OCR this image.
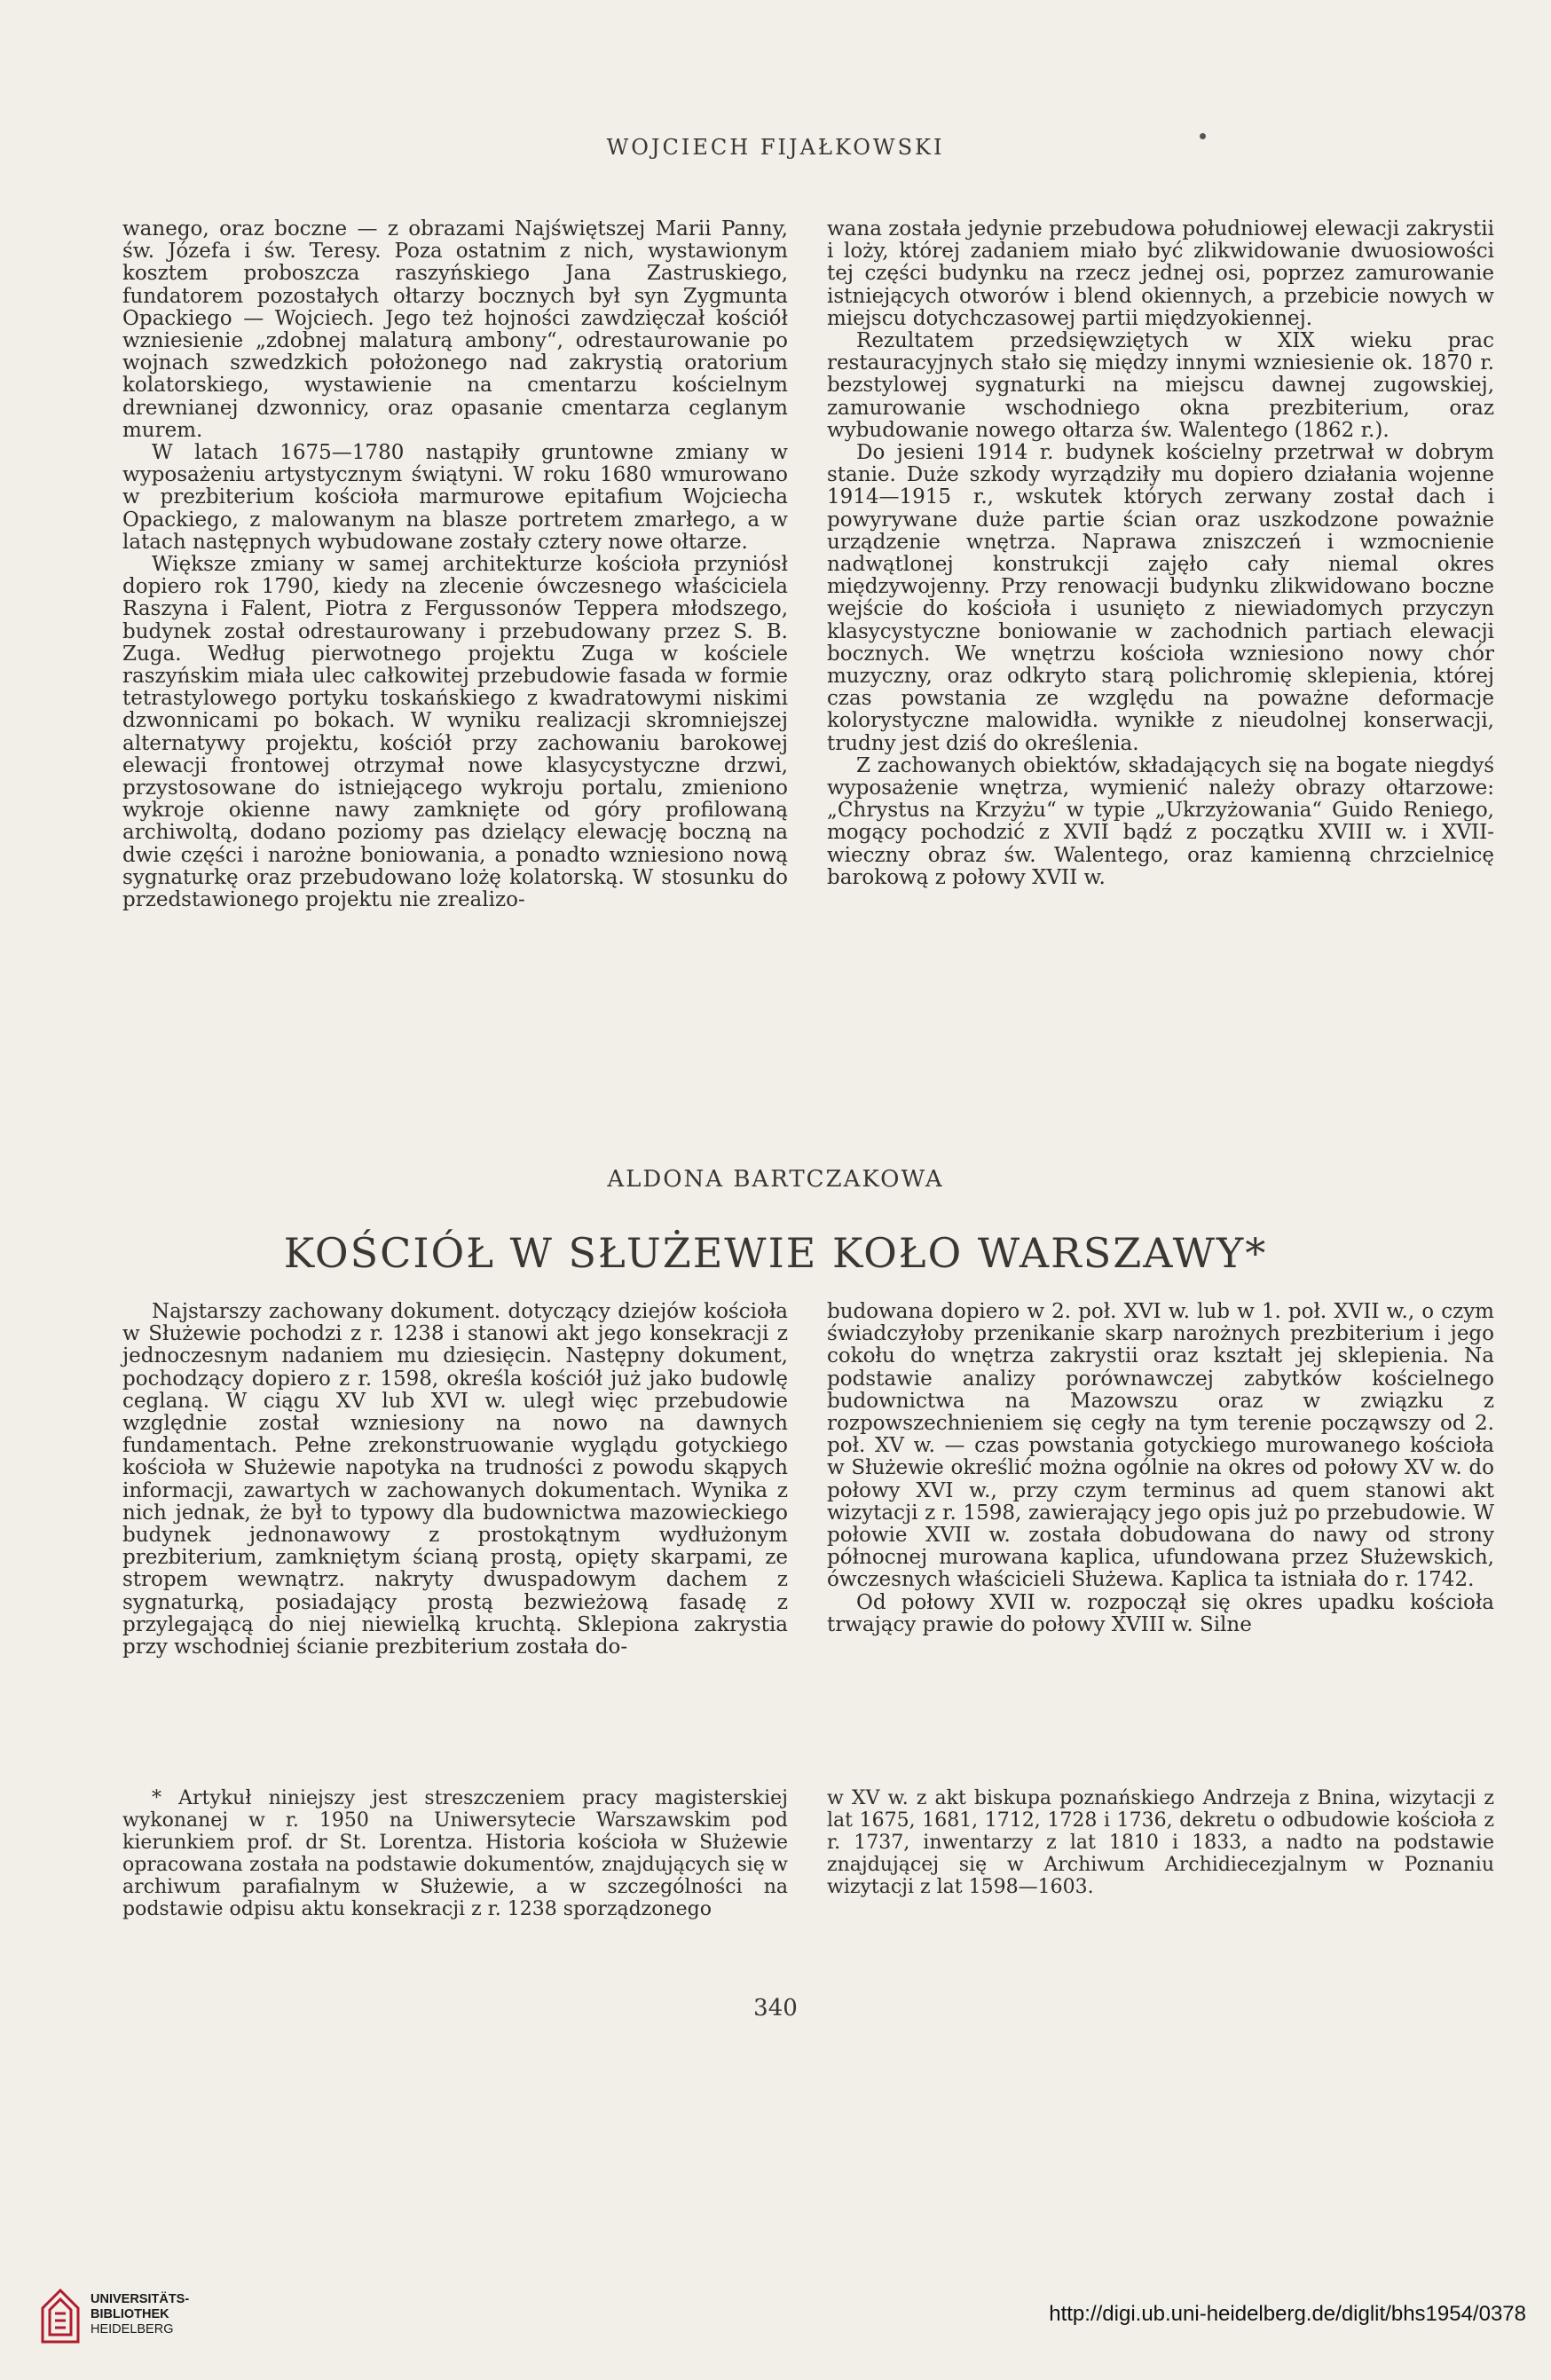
WOJCIECH FIJAŁKOWSKI

wanego, oraz boczne — z obrazami Najświętszej Marii Panny, św. Józefa i św. Teresy. Poza ostatnim z nich, wystawionym kosztem proboszcza raszyńskiego Jana Zastruskiego, fundatorem pozostałych ołtarzy bocznych był syn Zygmunta Opackiego — Wojciech. Jego też hojności zawdzięczał kościół wzniesienie „zdobnej malaturą ambony“, odrestaurowanie po wojnach szwedzkich położonego nad zakrystią oratorium kolatorskiego, wystawienie na cmentarzu kościelnym drewnianej dzwonnicy, oraz opasanie cmentarza ceglanym murem.

W latach 1675—1780 nastąpiły gruntowne zmiany w wyposażeniu artystycznym świątyni. W roku 1680 wmurowano w prezbiterium kościoła marmurowe epitafium Wojciecha Opackiego, z malowanym na blasze portretem zmarłego, a w latach następnych wybudowane zostały cztery nowe ołtarze.

Większe zmiany w samej architekturze kościoła przyniósł dopiero rok 1790, kiedy na zlecenie ówczesnego właściciela Raszyna i Falent, Piotra z Fergussonów Teppera młodszego, budynek został odrestaurowany i przebudowany przez S. B. Zuga. Według pierwotnego projektu Zuga w kościele raszyńskim miała ulec całkowitej przebudowie fasada w formie tetrastylowego portyku toskańskiego z kwadratowymi niskimi dzwonnicami po bokach. W wyniku realizacji skromniejszej alternatywy projektu, kościół przy zachowaniu barokowej elewacji frontowej otrzymał nowe klasycystyczne drzwi, przystosowane do istniejącego wykroju portalu, zmieniono wykroje okienne nawy zamknięte od góry profilowaną archiwoltą, dodano poziomy pas dzielący elewację boczną na dwie części i narożne boniowania, a ponadto wzniesiono nową sygnaturkę oraz przebudowano lożę kolatorską. W stosunku do przedstawionego projektu nie zrealizo-

wana została jedynie przebudowa południowej elewacji zakrystii i loży, której zadaniem miało być zlikwidowanie dwuosiowości tej części budynku na rzecz jednej osi, poprzez zamurowanie istniejących otworów i blend okiennych, a przebicie nowych w miejscu dotychczasowej partii międzyokiennej.

Rezultatem przedsięwziętych w XIX wieku prac restauracyjnych stało się między innymi wzniesienie ok. 1870 r. bezstylowej sygnaturki na miejscu dawnej zugowskiej, zamurowanie wschodniego okna prezbiterium, oraz wybudowanie nowego ołtarza św. Walentego (1862 r.).

Do jesieni 1914 r. budynek kościelny przetrwał w dobrym stanie. Duże szkody wyrządziły mu dopiero działania wojenne 1914—1915 r., wskutek których zerwany został dach i powyrywane duże partie ścian oraz uszkodzone poważnie urządzenie wnętrza. Naprawa zniszczeń i wzmocnienie nadwątlonej konstrukcji zajęło cały niemal okres międzywojenny. Przy renowacji budynku zlikwidowano boczne wejście do kościoła i usunięto z niewiadomych przyczyn klasycystyczne boniowanie w zachodnich partiach elewacji bocznych. We wnętrzu kościoła wzniesiono nowy chór muzyczny, oraz odkryto starą polichromię sklepienia, której czas powstania ze względu na poważne deformacje kolorystyczne malowidła. wynikłe z nieudolnej konserwacji, trudny jest dziś do określenia.

Z zachowanych obiektów, składających się na bogate niegdyś wyposażenie wnętrza, wymienić należy obrazy ołtarzowe: „Chrystus na Krzyżu“ w typie „Ukrzyżowania“ Guido Reniego, mogący pochodzić z XVII bądź z początku XVIII w. i XVII-wieczny obraz św. Walentego, oraz kamienną chrzcielnicę barokową z połowy XVII w.

ALDONA BARTCZAKOWA
KOŚCIÓŁ W SŁUŻEWIE KOŁO WARSZAWY*

Najstarszy zachowany dokument. dotyczący dziejów kościoła w Służewie pochodzi z r. 1238 i stanowi akt jego konsekracji z jednoczesnym nadaniem mu dziesięcin. Następny dokument, pochodzący dopiero z r. 1598, określa kościół już jako budowlę ceglaną. W ciągu XV lub XVI w. uległ więc przebudowie względnie został wzniesiony na nowo na dawnych fundamentach. Pełne zrekonstruowanie wyglądu gotyckiego kościoła w Służewie napotyka na trudności z powodu skąpych informacji, zawartych w zachowanych dokumentach. Wynika z nich jednak, że był to typowy dla budownictwa mazowieckiego budynek jednonawowy z prostokątnym wydłużonym prezbiterium, zamkniętym ścianą prostą, opięty skarpami, ze stropem wewnątrz. nakryty dwuspadowym dachem z sygnaturką, posiadający prostą bezwieżową fasadę z przylegającą do niej niewielką kruchtą. Sklepiona zakrystia przy wschodniej ścianie prezbiterium została do-

budowana dopiero w 2. poł. XVI w. lub w 1. poł. XVII w., o czym świadczyłoby przenikanie skarp narożnych prezbiterium i jego cokołu do wnętrza zakrystii oraz kształt jej sklepienia. Na podstawie analizy porównawczej zabytków kościelnego budownictwa na Mazowszu oraz w związku z rozpowszechnieniem się cegły na tym terenie począwszy od 2. poł. XV w. — czas powstania gotyckiego murowanego kościoła w Służewie określić można ogólnie na okres od połowy XV w. do połowy XVI w., przy czym terminus ad quem stanowi akt wizytacji z r. 1598, zawierający jego opis już po przebudowie. W połowie XVII w. została dobudowana do nawy od strony północnej murowana kaplica, ufundowana przez Służewskich, ówczesnych właścicieli Służewa. Kaplica ta istniała do r. 1742.

Od połowy XVII w. rozpoczął się okres upadku kościoła trwający prawie do połowy XVIII w. Silne

* Artykuł niniejszy jest streszczeniem pracy magisterskiej wykonanej w r. 1950 na Uniwersytecie Warszawskim pod kierunkiem prof. dr St. Lorentza. Historia kościoła w Służewie opracowana została na podstawie dokumentów, znajdujących się w archiwum parafialnym w Służewie, a w szczególności na podstawie odpisu aktu konsekracji z r. 1238 sporządzonego

w XV w. z akt biskupa poznańskiego Andrzeja z Bnina, wizytacji z lat 1675, 1681, 1712, 1728 i 1736, dekretu o odbudowie kościoła z r. 1737, inwentarzy z lat 1810 i 1833, a nadto na podstawie znajdującej się w Archiwum Archidiecezjalnym w Poznaniu wizytacji z lat 1598—1603.

340
UNIVERSITÄTS-
BIBLIOTHEK
HEIDELBERG
http://digi.ub.uni-heidelberg.de/diglit/bhs1954/0378
